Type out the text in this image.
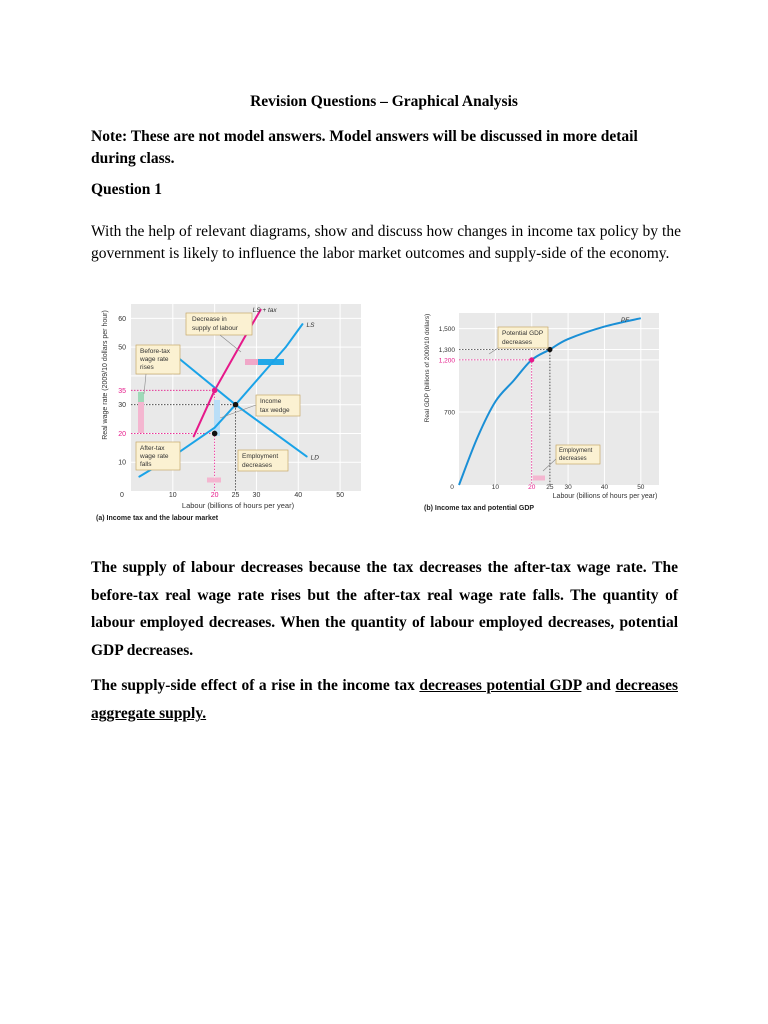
Revision Questions – Graphical Analysis
Note: These are not model answers. Model answers will be discussed in more detail during class.
Question 1
With the help of relevant diagrams, show and discuss how changes in income tax policy by the government is likely to influence the labor market outcomes and supply-side of the economy.
Real wage rate (2009/10 dollars per hour)
Labour (billions of hours per year)
(a) Income tax and the labour market
10
20
30
35
50
60
0	10	20 25 30	40	50
LS
LS + tax
LD
Decrease in
supply of labour
Before-tax
wage rate
rises
Income
tax wedge
After-tax
wage rate
falls
Employment
decreases
Real GDP (billions of 2009/10 dollars)
Labour (billions of hours per year)
(b) Income tax and potential GDP
700
1,200
1,300
1,500
0	10	20 25 30	40	50
PF
Potential GDP
decreases
Employment
decreases
The supply of labour decreases because the tax decreases the after-tax wage rate. The before-tax real wage rate rises but the after-tax real wage rate falls. The quantity of labour employed decreases. When the quantity of labour employed decreases, potential GDP decreases.
The supply-side effect of a rise in the income tax decreases potential GDP and decreases aggregate supply.
